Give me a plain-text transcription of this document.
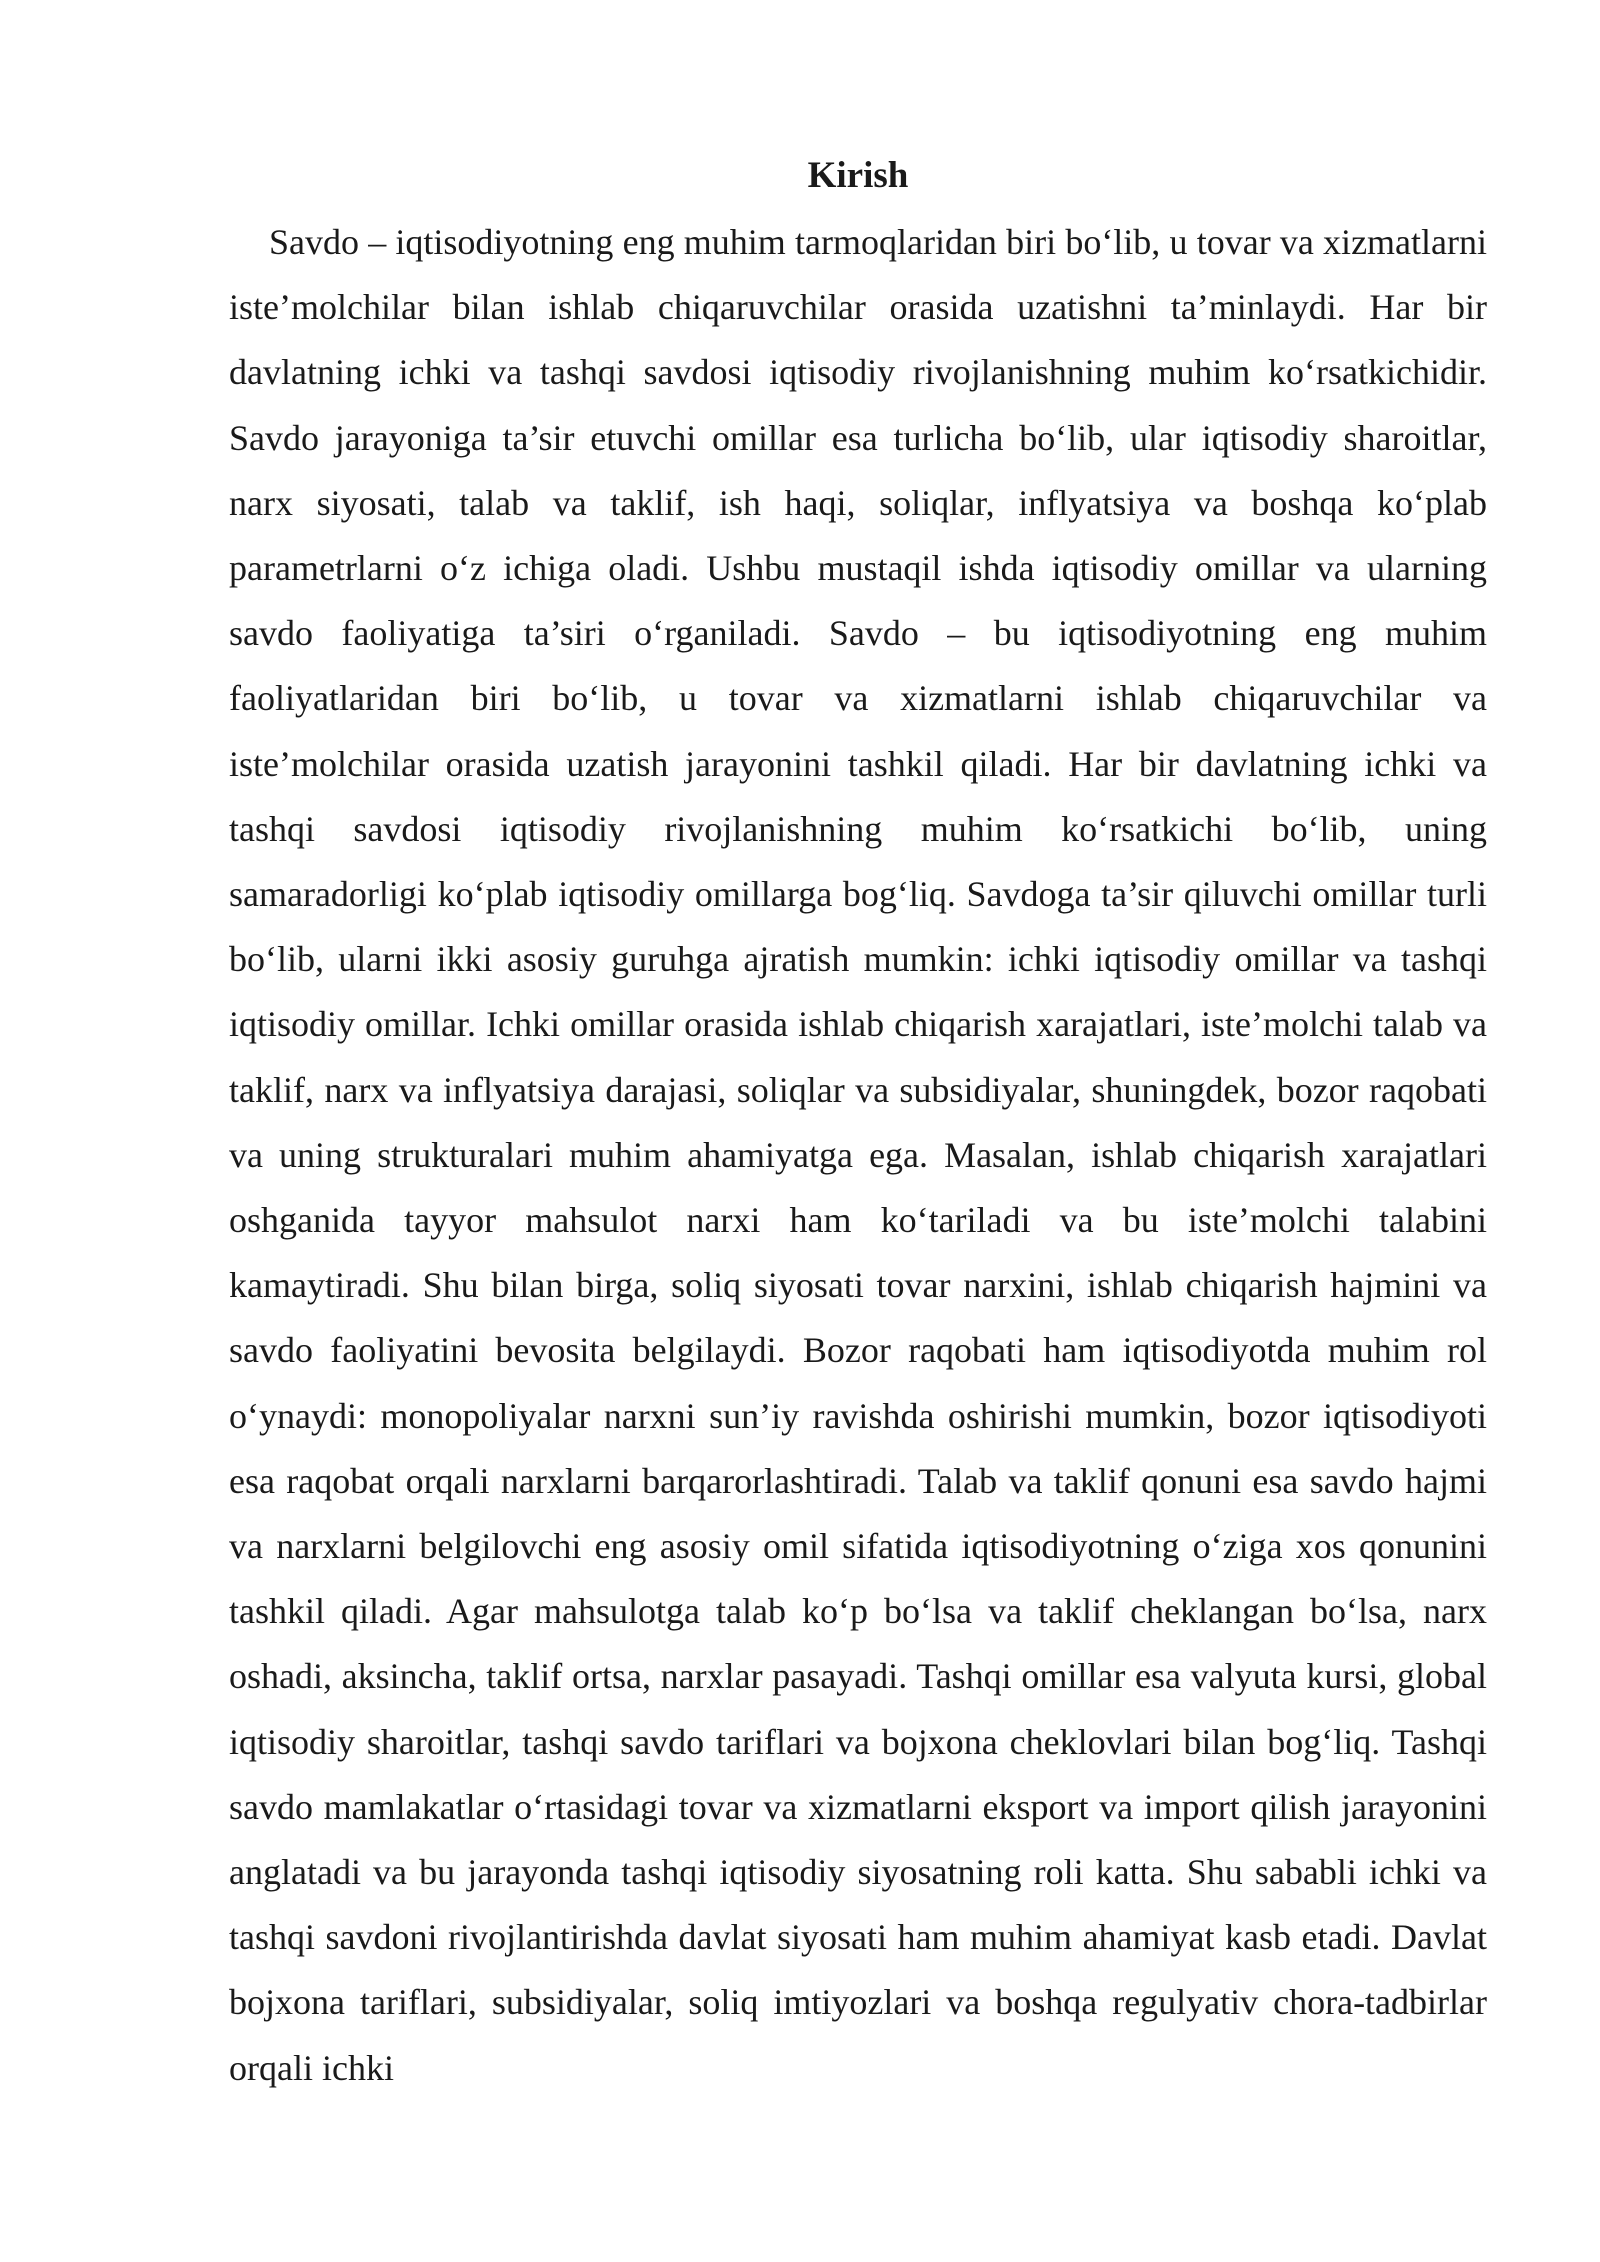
Kirish

Savdo – iqtisodiyotning eng muhim tarmoqlaridan biri bo‘lib, u tovar va xizmatlarni iste’molchilar bilan ishlab chiqaruvchilar orasida uzatishni ta’minlaydi. Har bir davlatning ichki va tashqi savdosi iqtisodiy rivojlanishning muhim ko‘rsatkichidir. Savdo jarayoniga ta’sir etuvchi omillar esa turlicha bo‘lib, ular iqtisodiy sharoitlar, narx siyosati, talab va taklif, ish haqi, soliqlar, inflyatsiya va boshqa ko‘plab parametrlarni o‘z ichiga oladi. Ushbu mustaqil ishda iqtisodiy omillar va ularning savdo faoliyatiga ta’siri o‘rganiladi. Savdo – bu iqtisodiyotning eng muhim faoliyatlaridan biri bo‘lib, u tovar va xizmatlarni ishlab chiqaruvchilar va iste’molchilar orasida uzatish jarayonini tashkil qiladi. Har bir davlatning ichki va tashqi savdosi iqtisodiy rivojlanishning muhim ko‘rsatkichi bo‘lib, uning samaradorligi ko‘plab iqtisodiy omillarga bog‘liq. Savdoga ta’sir qiluvchi omillar turli bo‘lib, ularni ikki asosiy guruhga ajratish mumkin: ichki iqtisodiy omillar va tashqi iqtisodiy omillar. Ichki omillar orasida ishlab chiqarish xarajatlari, iste’molchi talab va taklif, narx va inflyatsiya darajasi, soliqlar va subsidiyalar, shuningdek, bozor raqobati va uning strukturalari muhim ahamiyatga ega. Masalan, ishlab chiqarish xarajatlari oshganida tayyor mahsulot narxi ham ko‘tariladi va bu iste’molchi talabini kamaytiradi. Shu bilan birga, soliq siyosati tovar narxini, ishlab chiqarish hajmini va savdo faoliyatini bevosita belgilaydi. Bozor raqobati ham iqtisodiyotda muhim rol o‘ynaydi: monopoliyalar narxni sun’iy ravishda oshirishi mumkin, bozor iqtisodiyoti esa raqobat orqali narxlarni barqarorlashtiradi. Talab va taklif qonuni esa savdo hajmi va narxlarni belgilovchi eng asosiy omil sifatida iqtisodiyotning o‘ziga xos qonunini tashkil qiladi. Agar mahsulotga talab ko‘p bo‘lsa va taklif cheklangan bo‘lsa, narx oshadi, aksincha, taklif ortsa, narxlar pasayadi. Tashqi omillar esa valyuta kursi, global iqtisodiy sharoitlar, tashqi savdo tariflari va bojxona cheklovlari bilan bog‘liq. Tashqi savdo mamlakatlar o‘rtasidagi tovar va xizmatlarni eksport va import qilish jarayonini anglatadi va bu jarayonda tashqi iqtisodiy siyosatning roli katta. Shu sababli ichki va tashqi savdoni rivojlantirishda davlat siyosati ham muhim ahamiyat kasb etadi. Davlat bojxona tariflari, subsidiyalar, soliq imtiyozlari va boshqa regulyativ chora-tadbirlar orqali ichki
